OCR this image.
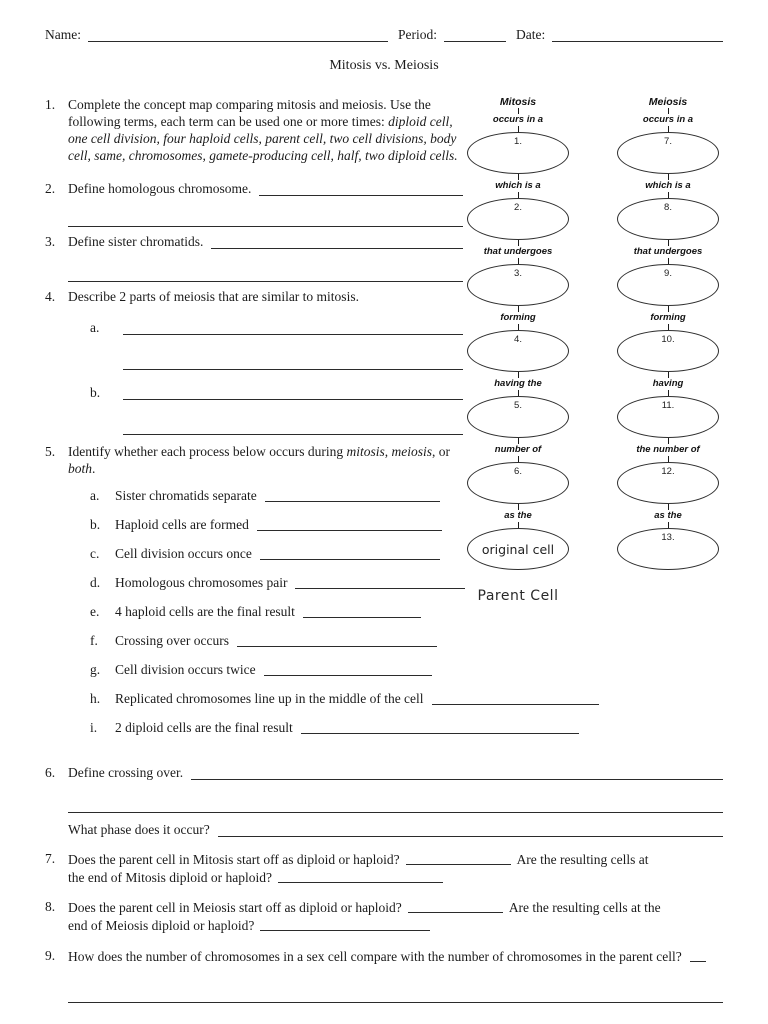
Name:	Period:	Date:
Mitosis vs. Meiosis
1. Complete the concept map comparing mitosis and meiosis. Use the following terms, each term can be used one or more times: diploid cell, one cell division, four haploid cells, parent cell, two cell divisions, body cell, same, chromosomes, gamete-producing cell, half, two diploid cells.
2. Define homologous chromosome.
3. Define sister chromatids.
4. Describe 2 parts of meiosis that are similar to mitosis.
a.
b.
5. Identify whether each process below occurs during mitosis, meiosis, or both.
a.	Sister chromatids separate
b.	Haploid cells are formed
c.	Cell division occurs once
d.	Homologous chromosomes pair
e.	4 haploid cells are the final result
f.	Crossing over occurs
g.	Cell division occurs twice
h.	Replicated chromosomes line up in the middle of the cell
i.	2 diploid cells are the final result
6. Define crossing over.
What phase does it occur?
7. Does the parent cell in Mitosis start off as diploid or haploid?	Are the resulting cells at
the end of Mitosis diploid or haploid?
8. Does the parent cell in Meiosis start off as diploid or haploid?	Are the resulting cells at the
end of Meiosis diploid or haploid?
9. How does the number of chromosomes in a sex cell compare with the number of chromosomes in the parent cell?
Mitosis
occurs in a
1.
which is a
2.
that undergoes
3.
forming
4.
having the
5.
number of
6.
as the
original cell
Parent Cell
Meiosis
occurs in a
7.
which is a
8.
that undergoes
9.
forming
10.
having
11.
the number of
12.
as the
13.
